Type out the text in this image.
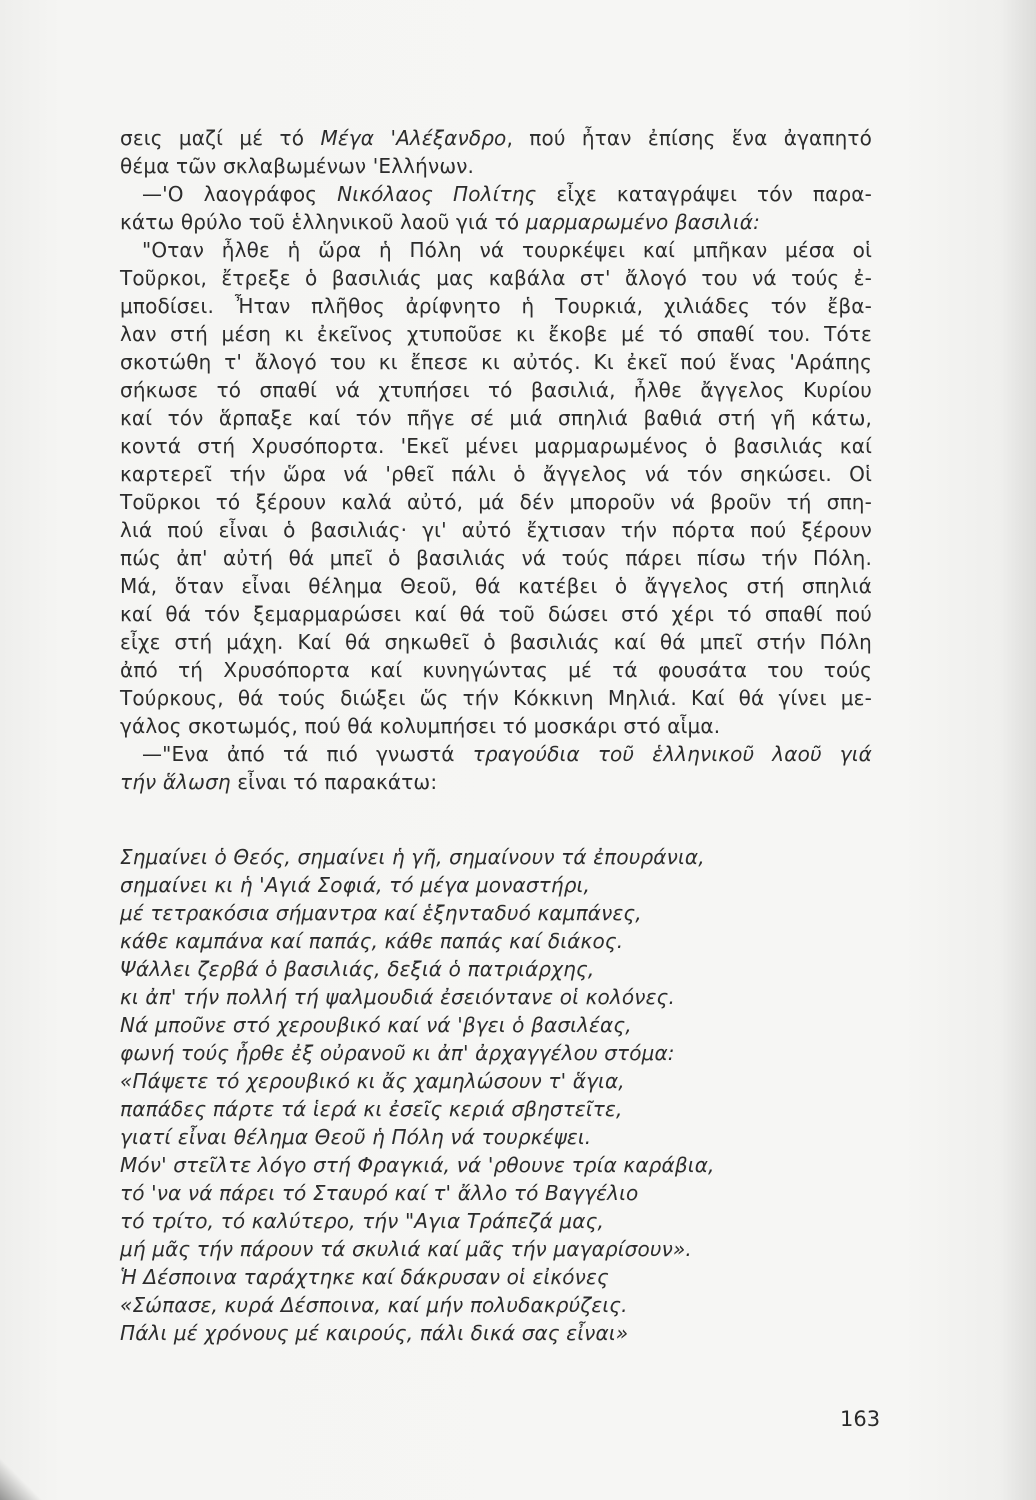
σεις μαζί μέ τό Μέγα 'Αλέξανδρο, πού ἦταν ἐπίσης ἕνα ἀγαπητό
θέμα τῶν σκλαβωμένων 'Ελλήνων.
—'Ο λαογράφος Νικόλαος Πολίτης εἶχε καταγράψει τόν παρα-
κάτω θρύλο τοῦ ἑλληνικοῦ λαοῦ γιά τό μαρμαρωμένο βασιλιά:
"Οταν ἦλθε ἡ ὥρα ἡ Πόλη νά τουρκέψει καί μπῆκαν μέσα οἱ
Τοῦρκοι, ἔτρεξε ὁ βασιλιάς μας καβάλα στ' ἄλογό του νά τούς ἐ-
μποδίσει. Ἦταν πλῆθος ἀρίφνητο ἡ Τουρκιά, χιλιάδες τόν ἔβα-
λαν στή μέση κι ἐκεῖνος χτυποῦσε κι ἔκοβε μέ τό σπαθί του. Τότε
σκοτώθη τ' ἄλογό του κι ἔπεσε κι αὐτός. Κι ἐκεῖ πού ἕνας 'Αράπης
σήκωσε τό σπαθί νά χτυπήσει τό βασιλιά, ἦλθε ἄγγελος Κυρίου
καί τόν ἅρπαξε καί τόν πῆγε σέ μιά σπηλιά βαθιά στή γῆ κάτω,
κοντά στή Χρυσόπορτα. 'Εκεῖ μένει μαρμαρωμένος ὁ βασιλιάς καί
καρτερεῖ τήν ὥρα νά 'ρθεῖ πάλι ὁ ἄγγελος νά τόν σηκώσει. Οἱ
Τοῦρκοι τό ξέρουν καλά αὐτό, μά δέν μποροῦν νά βροῦν τή σπη-
λιά πού εἶναι ὁ βασιλιάς· γι' αὐτό ἔχτισαν τήν πόρτα πού ξέρουν
πώς ἀπ' αὐτή θά μπεῖ ὁ βασιλιάς νά τούς πάρει πίσω τήν Πόλη.
Μά, ὅταν εἶναι θέλημα Θεοῦ, θά κατέβει ὁ ἄγγελος στή σπηλιά
καί θά τόν ξεμαρμαρώσει καί θά τοῦ δώσει στό χέρι τό σπαθί πού
εἶχε στή μάχη. Καί θά σηκωθεῖ ὁ βασιλιάς καί θά μπεῖ στήν Πόλη
ἀπό τή Χρυσόπορτα καί κυνηγώντας μέ τά φουσάτα του τούς
Τούρκους, θά τούς διώξει ὥς τήν Κόκκινη Μηλιά. Καί θά γίνει με-
γάλος σκοτωμός, πού θά κολυμπήσει τό μοσκάρι στό αἷμα.
—"Ενα ἀπό τά πιό γνωστά τραγούδια τοῦ ἑλληνικοῦ λαοῦ γιά
τήν ἅλωση εἶναι τό παρακάτω:
Σημαίνει ὁ Θεός, σημαίνει ἡ γῆ, σημαίνουν τά ἐπουράνια,
σημαίνει κι ἡ 'Αγιά Σοφιά, τό μέγα μοναστήρι,
μέ τετρακόσια σήμαντρα καί ἑξηνταδυό καμπάνες,
κάθε καμπάνα καί παπάς, κάθε παπάς καί διάκος.
Ψάλλει ζερβά ὁ βασιλιάς, δεξιά ὁ πατριάρχης,
κι ἀπ' τήν πολλή τή ψαλμουδιά ἐσειόντανε οἱ κολόνες.
Νά μποῦνε στό χερουβικό καί νά 'βγει ὁ βασιλέας,
φωνή τούς ἦρθε ἐξ οὐρανοῦ κι ἀπ' ἀρχαγγέλου στόμα:
«Πάψετε τό χερουβικό κι ἄς χαμηλώσουν τ' ἅγια,
παπάδες πάρτε τά ἱερά κι ἐσεῖς κεριά σβηστεῖτε,
γιατί εἶναι θέλημα Θεοῦ ἡ Πόλη νά τουρκέψει.
Μόν' στεῖλτε λόγο στή Φραγκιά, νά 'ρθουνε τρία καράβια,
τό 'να νά πάρει τό Σταυρό καί τ' ἄλλο τό Βαγγέλιο
τό τρίτο, τό καλύτερο, τήν "Αγια Τράπεζά μας,
μή μᾶς τήν πάρουν τά σκυλιά καί μᾶς τήν μαγαρίσουν».
Ἡ Δέσποινα ταράχτηκε καί δάκρυσαν οἱ εἰκόνες
«Σώπασε, κυρά Δέσποινα, καί μήν πολυδακρύζεις.
Πάλι μέ χρόνους μέ καιρούς, πάλι δικά σας εἶναι»
163
